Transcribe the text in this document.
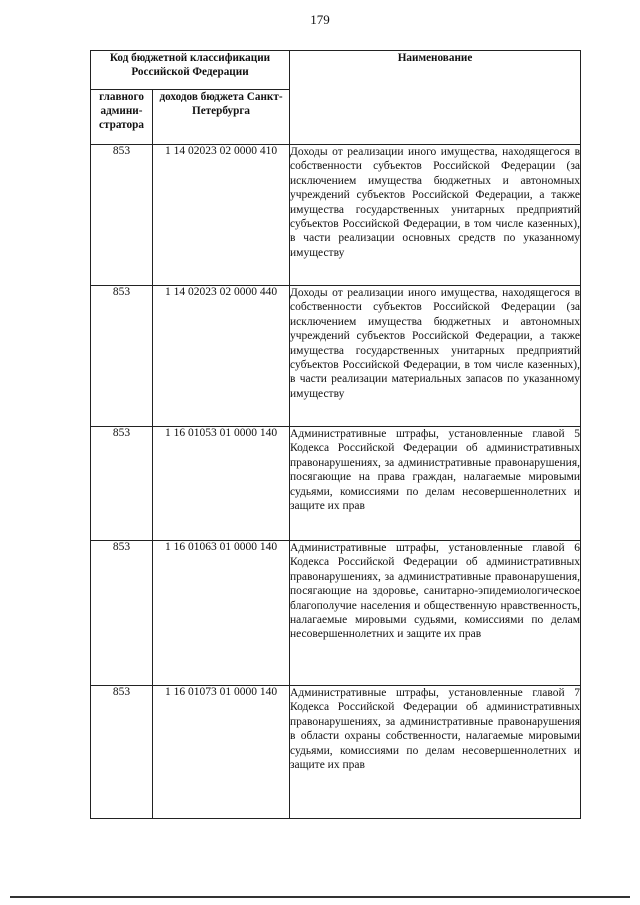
179
Код бюджетной классификации Российской Федерации		Наименование
главного админи-стратора	доходов бюджета Санкт-Петербурга	
853	1 14 02023 02 0000 410	Доходы от реализации иного имущества, находящегося в собственности субъектов Российской Федерации (за исключением имущества бюджетных и автономных учреждений субъектов Российской Федерации, а также имущества государственных унитарных предприятий субъектов Российской Федерации, в том числе казенных), в части реализации основных средств по указанному имуществу
853	1 14 02023 02 0000 440	Доходы от реализации иного имущества, находящегося в собственности субъектов Российской Федерации (за исключением имущества бюджетных и автономных учреждений субъектов Российской Федерации, а также имущества государственных унитарных предприятий субъектов Российской Федерации, в том числе казенных), в части реализации материальных запасов по указанному имуществу
853	1 16 01053 01 0000 140	Административные штрафы, установленные главой 5 Кодекса Российской Федерации об административных правонарушениях, за административные правонарушения, посягающие на права граждан, налагаемые мировыми судьями, комиссиями по делам несовершеннолетних и защите их прав
853	1 16 01063 01 0000 140	Административные штрафы, установленные главой 6 Кодекса Российской Федерации об административных правонарушениях, за административные правонарушения, посягающие на здоровье, санитарно-эпидемиологическое благополучие населения и общественную нравственность, налагаемые мировыми судьями, комиссиями по делам несовершеннолетних и защите их прав
853	1 16 01073 01 0000 140	Административные штрафы, установленные главой 7 Кодекса Российской Федерации об административных правонарушениях, за административные правонарушения в области охраны собственности, налагаемые мировыми судьями, комиссиями по делам несовершеннолетних и защите их прав
